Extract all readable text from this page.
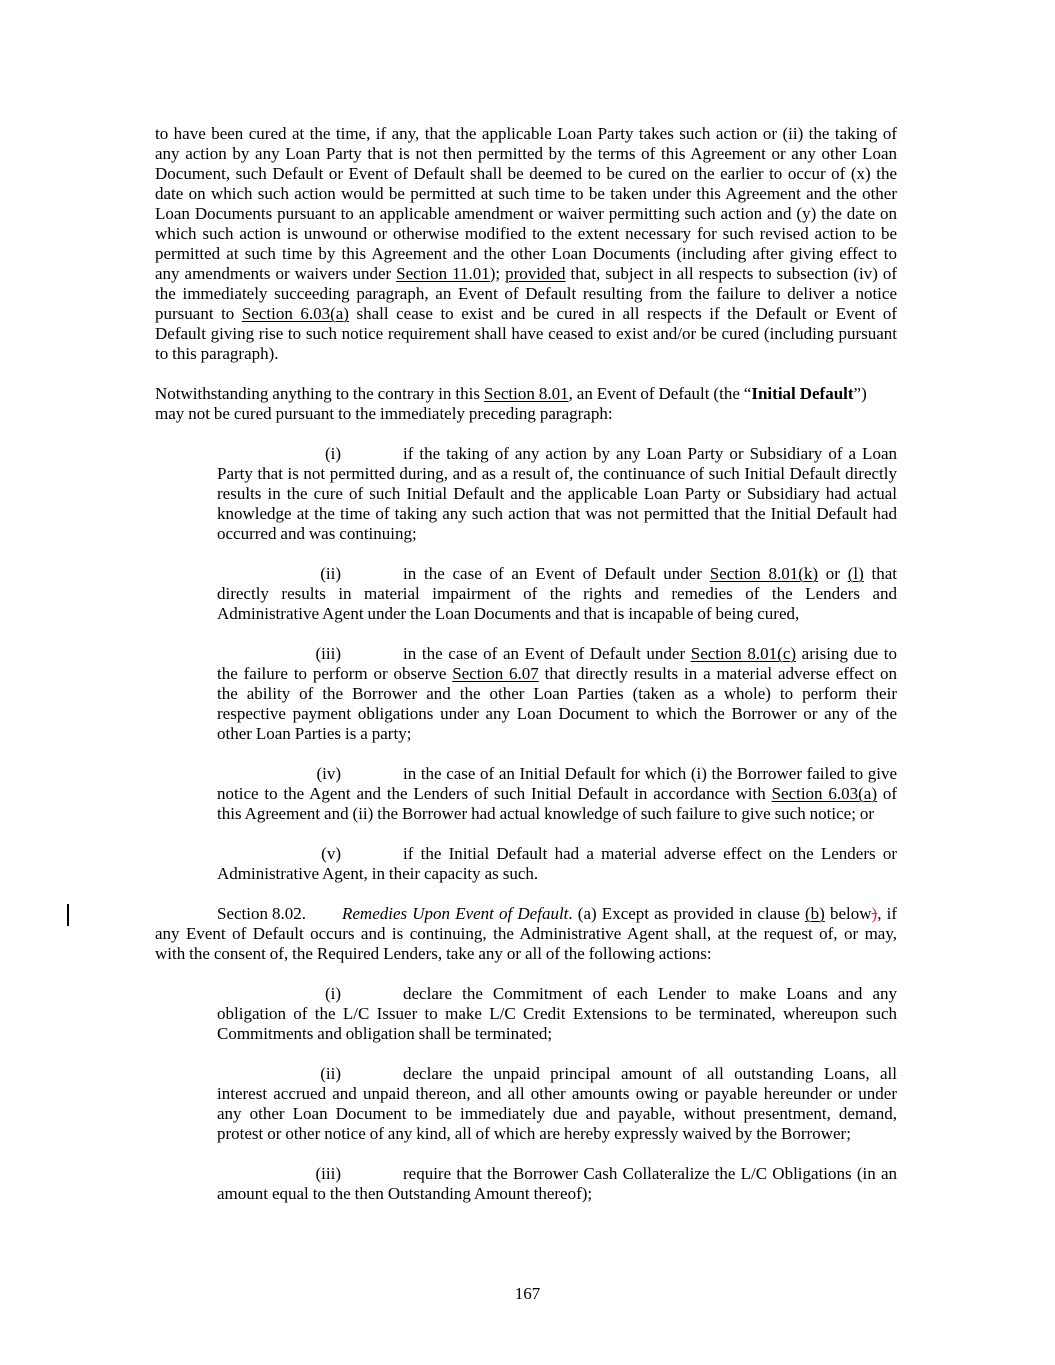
to have been cured at the time, if any, that the applicable Loan Party takes such action or (ii) the taking of
any action by any Loan Party that is not then permitted by the terms of this Agreement or any other Loan
Document, such Default or Event of Default shall be deemed to be cured on the earlier to occur of (x) the
date on which such action would be permitted at such time to be taken under this Agreement and the other
Loan Documents pursuant to an applicable amendment or waiver permitting such action and (y) the date on
which such action is unwound or otherwise modified to the extent necessary for such revised action to be
permitted at such time by this Agreement and the other Loan Documents (including after giving effect to
any amendments or waivers under Section 11.01); provided that, subject in all respects to subsection (iv) of
the immediately succeeding paragraph, an Event of Default resulting from the failure to deliver a notice
pursuant to Section 6.03(a) shall cease to exist and be cured in all respects if the Default or Event of
Default giving rise to such notice requirement shall have ceased to exist and/or be cured (including pursuant
to this paragraph).
Notwithstanding anything to the contrary in this Section 8.01, an Event of Default (the “Initial Default”)
may not be cured pursuant to the immediately preceding paragraph:
(i)	if the taking of any action by any Loan Party or Subsidiary of a Loan
Party that is not permitted during, and as a result of, the continuance of such Initial Default directly
results in the cure of such Initial Default and the applicable Loan Party or Subsidiary had actual
knowledge at the time of taking any such action that was not permitted that the Initial Default had
occurred and was continuing;
(ii)	in the case of an Event of Default under Section 8.01(k) or (l) that
directly results in material impairment of the rights and remedies of the Lenders and
Administrative Agent under the Loan Documents and that is incapable of being cured,
(iii)	in the case of an Event of Default under Section 8.01(c) arising due to
the failure to perform or observe Section 6.07 that directly results in a material adverse effect on
the ability of the Borrower and the other Loan Parties (taken as a whole) to perform their
respective payment obligations under any Loan Document to which the Borrower or any of the
other Loan Parties is a party;
(iv)	in the case of an Initial Default for which (i) the Borrower failed to give
notice to the Agent and the Lenders of such Initial Default in accordance with Section 6.03(a) of
this Agreement and (ii) the Borrower had actual knowledge of such failure to give such notice; or
(v)	if the Initial Default had a material adverse effect on the Lenders or
Administrative Agent, in their capacity as such.
Section 8.02. Remedies Upon Event of Default. (a) Except as provided in clause (b) below), if
any Event of Default occurs and is continuing, the Administrative Agent shall, at the request of, or may,
with the consent of, the Required Lenders, take any or all of the following actions:
(i)	declare the Commitment of each Lender to make Loans and any
obligation of the L/C Issuer to make L/C Credit Extensions to be terminated, whereupon such
Commitments and obligation shall be terminated;
(ii)	declare the unpaid principal amount of all outstanding Loans, all
interest accrued and unpaid thereon, and all other amounts owing or payable hereunder or under
any other Loan Document to be immediately due and payable, without presentment, demand,
protest or other notice of any kind, all of which are hereby expressly waived by the Borrower;
(iii)	require that the Borrower Cash Collateralize the L/C Obligations (in an
amount equal to the then Outstanding Amount thereof);
167
